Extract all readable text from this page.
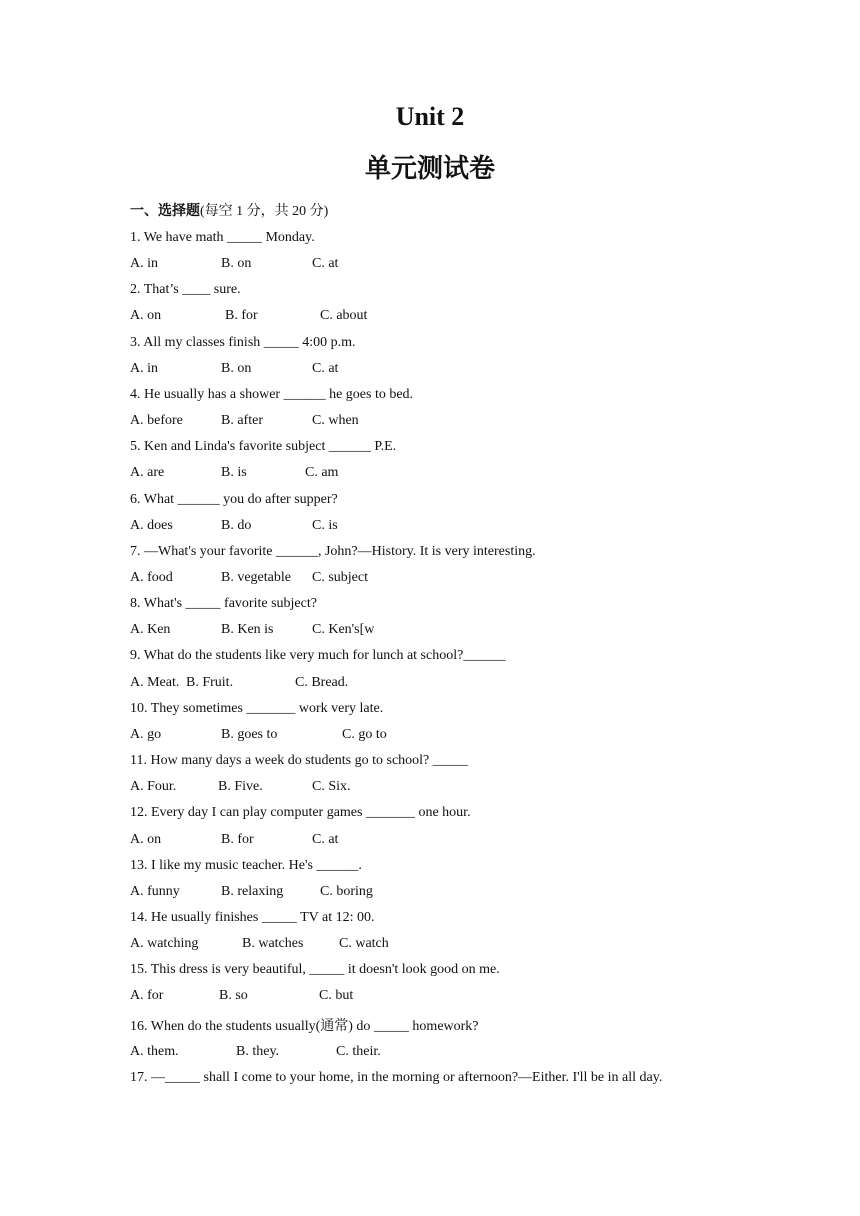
Unit 2
单元测试卷
一、选择题(每空 1 分，共 20 分)
1. We have math _____ Monday.
A. in	B. on	C. at
2. That’s ____ sure.
A. on	B. for	C. about
3. All my classes finish _____ 4:00 p.m.
A. in	B. on	C. at
4. He usually has a shower ______ he goes to bed.
A. before	B. after	C. when
5. Ken and Linda's favorite subject ______ P.E.
A. are	B. is	C. am
6. What ______ you do after supper?
A. does	B. do	C. is
7. —What's your favorite ______, John?—History. It is very interesting.
A. food	B. vegetable C. subject
8. What's _____ favorite subject?
A. Ken	B. Ken is	C. Ken's[w
9. What do the students like very much for lunch at school?______
A. Meat. B. Fruit.	C. Bread.
10. They sometimes _______ work very late.
A. go	B. goes to	C. go to
11. How many days a week do students go to school? _____
A. Four.	B. Five.	C. Six.
12. Every day I can play computer games _______ one hour.
A. on	B. for	C. at
13. I like my music teacher. He's ______.
A. funny	B. relaxing	C. boring
14. He usually finishes _____ TV at 12: 00.
A. watching	B. watches	C. watch
15. This dress is very beautiful, _____ it doesn't look good on me.
A. for	B. so	C. but
16. When do the students usually(通常) do _____ homework?
A. them.	B. they.	C. their.
17. —_____ shall I come to your home, in the morning or afternoon?—Either. I'll be in all day.
